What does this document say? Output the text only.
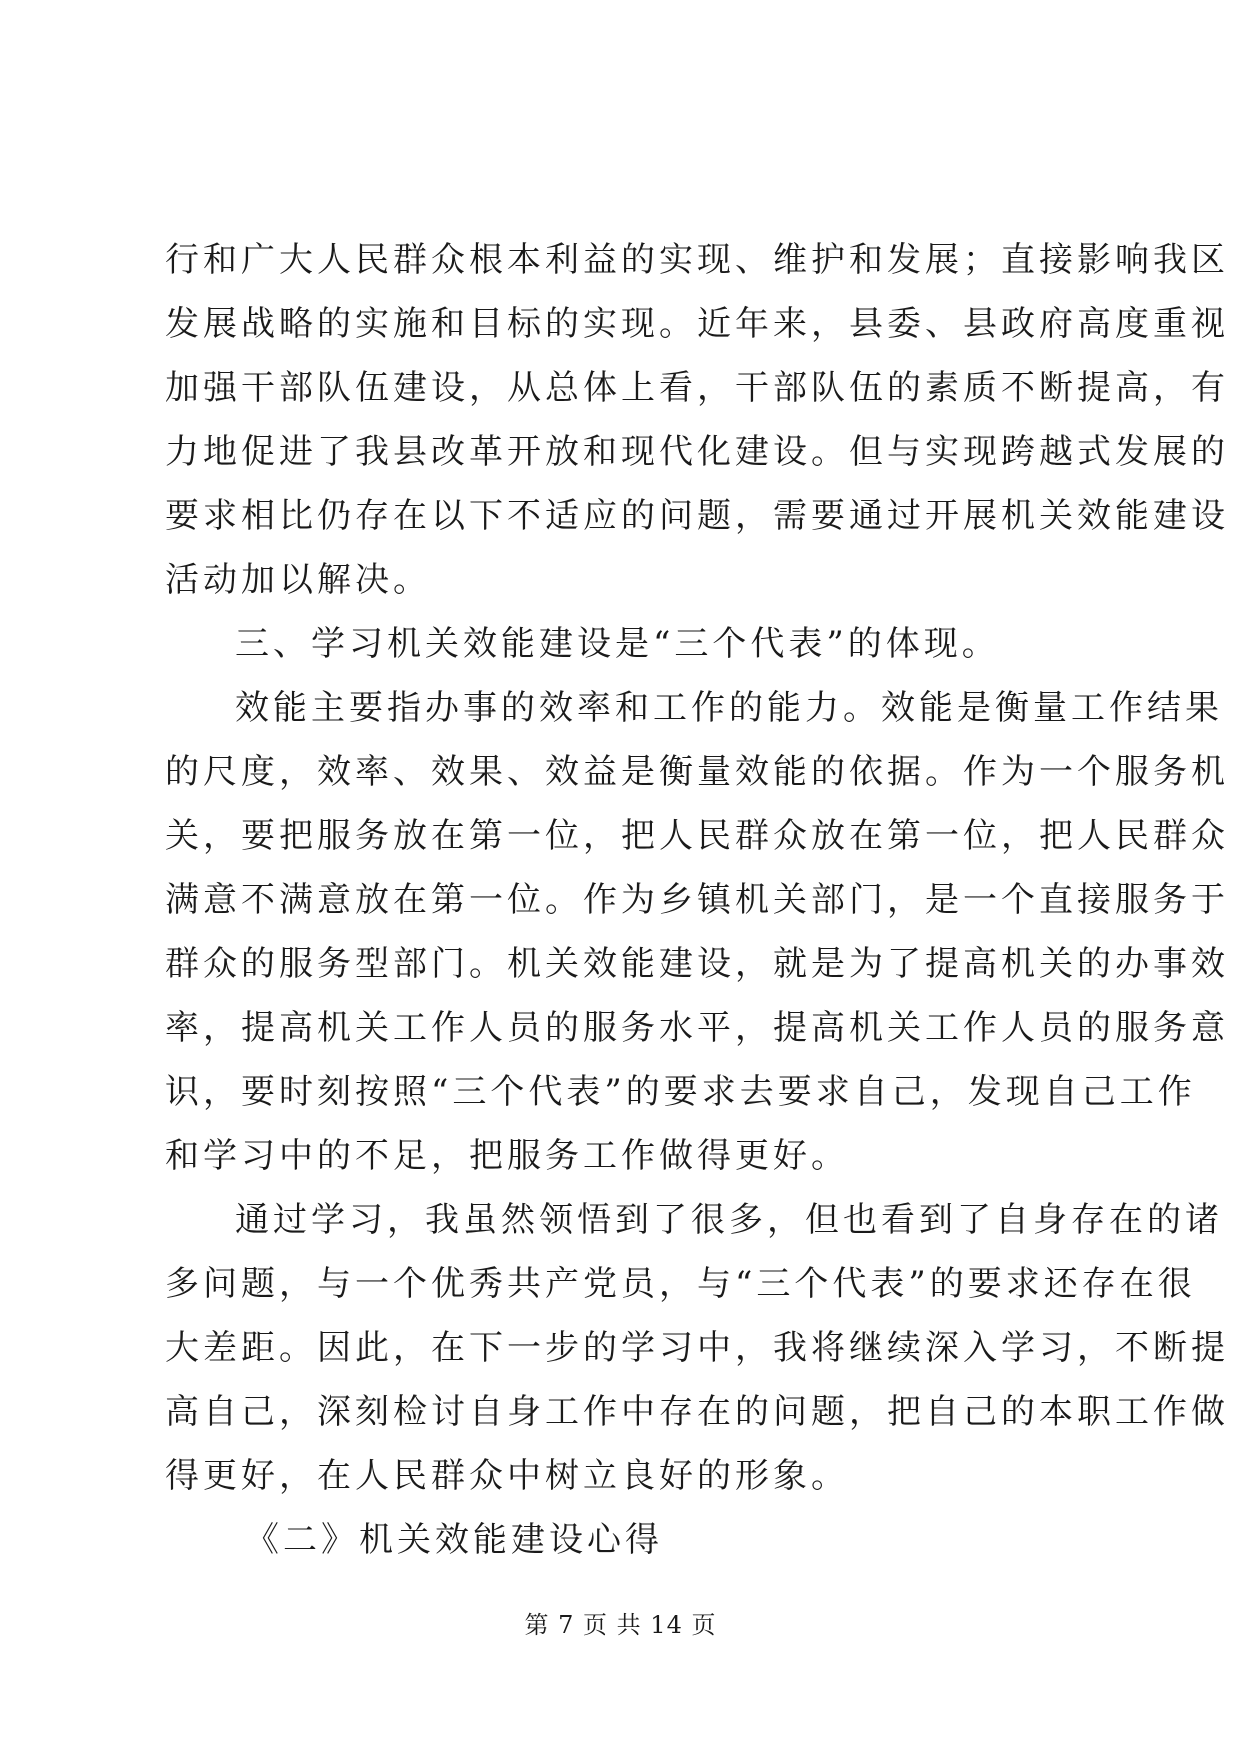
行和广大人民群众根本利益的实现、维护和发展；直接影响我区
发展战略的实施和目标的实现。近年来，县委、县政府高度重视
加强干部队伍建设，从总体上看，干部队伍的素质不断提高，有
力地促进了我县改革开放和现代化建设。但与实现跨越式发展的
要求相比仍存在以下不适应的问题，需要通过开展机关效能建设
活动加以解决。
三、学习机关效能建设是“三个代表”的体现。
效能主要指办事的效率和工作的能力。效能是衡量工作结果
的尺度，效率、效果、效益是衡量效能的依据。作为一个服务机
关，要把服务放在第一位，把人民群众放在第一位，把人民群众
满意不满意放在第一位。作为乡镇机关部门，是一个直接服务于
群众的服务型部门。机关效能建设，就是为了提高机关的办事效
率，提高机关工作人员的服务水平，提高机关工作人员的服务意
识，要时刻按照“三个代表”的要求去要求自己，发现自己工作
和学习中的不足，把服务工作做得更好。
通过学习，我虽然领悟到了很多，但也看到了自身存在的诸
多问题，与一个优秀共产党员，与“三个代表”的要求还存在很
大差距。因此，在下一步的学习中，我将继续深入学习，不断提
高自己，深刻检讨自身工作中存在的问题，把自己的本职工作做
得更好，在人民群众中树立良好的形象。
《二》机关效能建设心得
第 7 页 共 14 页
